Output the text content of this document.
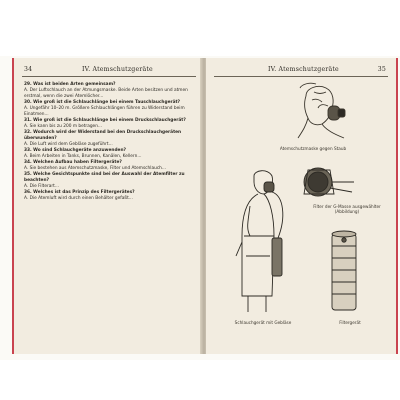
34	IV. Atemschutzgeräte
29. Was ist beiden Arten gemeinsam?
A. Der Luftschlauch an der Atmungsmaske. Beide Arten besitzen und atmen erstmal, wenn die zwei Atemlöcher...
30. Wie groß ist die Schlauchlänge bei einem Tauschlauchgerät?
A. Ungefähr 10–20 m. Größere Schlauchlängen führen zu Widerstand beim Einatmen...
31. Wie groß ist die Schlauchlänge bei einem Druckschlauchgerät?
A. Sie kann bis zu 200 m betragen...
32. Wodurch wird der Widerstand bei den Druckschlauchgeräten überwunden?
A. Die Luft wird dem Gebläse zugeführt...
33. Wo sind Schlauchgeräte anzuwenden?
A. Beim Arbeiten in Tanks, Brunnen, Kanälen, Kellern...
34. Welchen Aufbau haben Filtergeräte?
A. Sie bestehen aus Atemschutzmaske, Filter und Atemschlauch...
35. Welche Gesichtspunkte sind bei der Auswahl der Atemfilter zu beachten?
A. Die Filterart...
36. Welches ist das Prinzip des Filtergerätes?
A. Die Atemluft wird durch einen Behälter gefaßt...
IV. Atemschutzgeräte	35
Atemschutzmaske gegen Staub
Filter der G-Masse ausgewählter (Abbildung)
Schlauchgerät mit Gebläse	Filtergerät
